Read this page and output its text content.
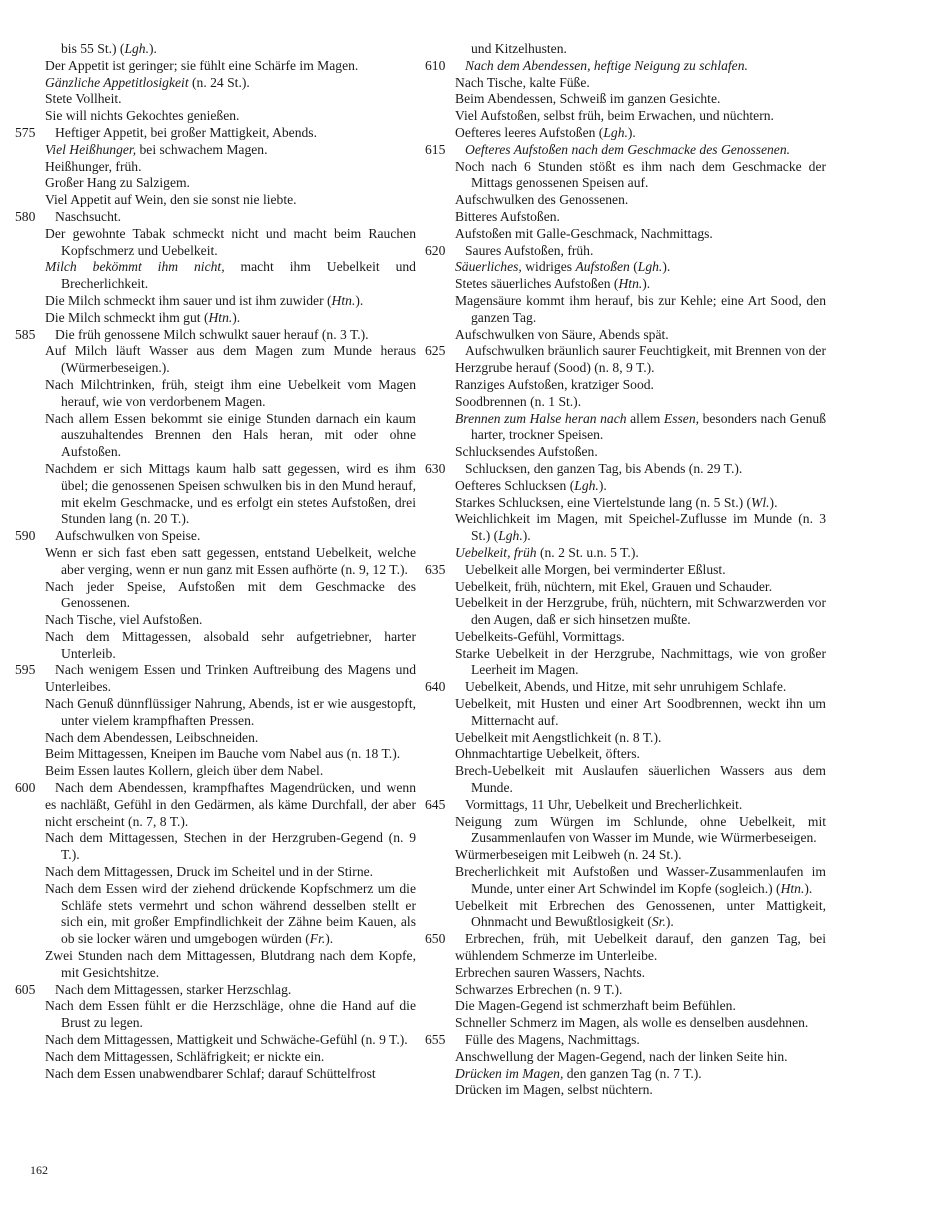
bis 55 St.) (Lgh.).

Der Appetit ist geringer; sie fühlt eine Schärfe im Magen.

Gänzliche Appetitlosigkeit (n. 24 St.).

Stete Vollheit.

Sie will nichts Gekochtes genießen.

575 Heftiger Appetit, bei großer Mattigkeit, Abends.

Viel Heißhunger, bei schwachem Magen.

Heißhunger, früh.

Großer Hang zu Salzigem.

Viel Appetit auf Wein, den sie sonst nie liebte.

580 Naschsucht.

Der gewohnte Tabak schmeckt nicht und macht beim Rauchen Kopfschmerz und Uebelkeit.

Milch bekömmt ihm nicht, macht ihm Uebelkeit und Brecherlichkeit.

Die Milch schmeckt ihm sauer und ist ihm zuwider (Htn.).

Die Milch schmeckt ihm gut (Htn.).

585 Die früh genossene Milch schwulkt sauer herauf (n. 3 T.).

Auf Milch läuft Wasser aus dem Magen zum Munde heraus (Würmerbeseigen.).

Nach Milchtrinken, früh, steigt ihm eine Uebelkeit vom Magen herauf, wie von verdorbenem Magen.

Nach allem Essen bekommt sie einige Stunden darnach ein kaum auszuhaltendes Brennen den Hals heran, mit oder ohne Aufstoßen.

Nachdem er sich Mittags kaum halb satt gegessen, wird es ihm übel; die genossenen Speisen schwulken bis in den Mund herauf, mit ekelm Geschmacke, und es erfolgt ein stetes Aufstoßen, drei Stunden lang (n. 20 T.).

590 Aufschwulken von Speise.

Wenn er sich fast eben satt gegessen, entstand Uebelkeit, welche aber verging, wenn er nun ganz mit Essen aufhörte (n. 9, 12 T.).

Nach jeder Speise, Aufstoßen mit dem Geschmacke des Genossenen.

Nach Tische, viel Aufstoßen.

Nach dem Mittagessen, alsobald sehr aufgetriebner, harter Unterleib.

595 Nach wenigem Essen und Trinken Auftreibung des Magens und Unterleibes.

Nach Genuß dünnflüssiger Nahrung, Abends, ist er wie ausgestopft, unter vielem krampfhaften Pressen.

Nach dem Abendessen, Leibschneiden.

Beim Mittagessen, Kneipen im Bauche vom Nabel aus (n. 18 T.).

Beim Essen lautes Kollern, gleich über dem Nabel.

600 Nach dem Abendessen, krampfhaftes Magendrücken, und wenn es nachläßt, Gefühl in den Gedärmen, als käme Durchfall, der aber nicht erscheint (n. 7, 8 T.).

Nach dem Mittagessen, Stechen in der Herzgruben-Gegend (n. 9 T.).

Nach dem Mittagessen, Druck im Scheitel und in der Stirne.

Nach dem Essen wird der ziehend drückende Kopfschmerz um die Schläfe stets vermehrt und schon während desselben stellt er sich ein, mit großer Empfindlichkeit der Zähne beim Kauen, als ob sie locker wären und umgebogen würden (Fr.).

Zwei Stunden nach dem Mittagessen, Blutdrang nach dem Kopfe, mit Gesichtshitze.

605 Nach dem Mittagessen, starker Herzschlag.

Nach dem Essen fühlt er die Herzschläge, ohne die Hand auf die Brust zu legen.

Nach dem Mittagessen, Mattigkeit und Schwäche-Gefühl (n. 9 T.).

Nach dem Mittagessen, Schläfrigkeit; er nickte ein.

Nach dem Essen unabwendbarer Schlaf; darauf Schüttelfrost

und Kitzelhusten.

610 Nach dem Abendessen, heftige Neigung zu schlafen.

Nach Tische, kalte Füße.

Beim Abendessen, Schweiß im ganzen Gesichte.

Viel Aufstoßen, selbst früh, beim Erwachen, und nüchtern.

Oefteres leeres Aufstoßen (Lgh.).

615 Oefteres Aufstoßen nach dem Geschmacke des Genossenen.

Noch nach 6 Stunden stößt es ihm nach dem Geschmacke der Mittags genossenen Speisen auf.

Aufschwulken des Genossenen.

Bitteres Aufstoßen.

Aufstoßen mit Galle-Geschmack, Nachmittags.

620 Saures Aufstoßen, früh.

Säuerliches, widriges Aufstoßen (Lgh.).

Stetes säuerliches Aufstoßen (Htn.).

Magensäure kommt ihm herauf, bis zur Kehle; eine Art Sood, den ganzen Tag.

Aufschwulken von Säure, Abends spät.

625 Aufschwulken bräunlich saurer Feuchtigkeit, mit Brennen von der Herzgrube herauf (Sood) (n. 8, 9 T.).

Ranziges Aufstoßen, kratziger Sood.

Soodbrennen (n. 1 St.).

Brennen zum Halse heran nach allem Essen, besonders nach Genuß harter, trockner Speisen.

Schlucksendes Aufstoßen.

630 Schlucksen, den ganzen Tag, bis Abends (n. 29 T.).

Oefteres Schlucksen (Lgh.).

Starkes Schlucksen, eine Viertelstunde lang (n. 5 St.) (Wl.).

Weichlichkeit im Magen, mit Speichel-Zuflusse im Munde (n. 3 St.) (Lgh.).

Uebelkeit, früh (n. 2 St. u.n. 5 T.).

635 Uebelkeit alle Morgen, bei verminderter Eßlust.

Uebelkeit, früh, nüchtern, mit Ekel, Grauen und Schauder.

Uebelkeit in der Herzgrube, früh, nüchtern, mit Schwarzwerden vor den Augen, daß er sich hinsetzen mußte.

Uebelkeits-Gefühl, Vormittags.

Starke Uebelkeit in der Herzgrube, Nachmittags, wie von großer Leerheit im Magen.

640 Uebelkeit, Abends, und Hitze, mit sehr unruhigem Schlafe.

Uebelkeit, mit Husten und einer Art Soodbrennen, weckt ihn um Mitternacht auf.

Uebelkeit mit Aengstlichkeit (n. 8 T.).

Ohnmachtartige Uebelkeit, öfters.

Brech-Uebelkeit mit Auslaufen säuerlichen Wassers aus dem Munde.

645 Vormittags, 11 Uhr, Uebelkeit und Brecherlichkeit.

Neigung zum Würgen im Schlunde, ohne Uebelkeit, mit Zusammenlaufen von Wasser im Munde, wie Würmerbeseigen.

Würmerbeseigen mit Leibweh (n. 24 St.).

Brecherlichkeit mit Aufstoßen und Wasser-Zusammenlaufen im Munde, unter einer Art Schwindel im Kopfe (sogleich.) (Htn.).

Uebelkeit mit Erbrechen des Genossenen, unter Mattigkeit, Ohnmacht und Bewußtlosigkeit (Sr.).

650 Erbrechen, früh, mit Uebelkeit darauf, den ganzen Tag, bei wühlendem Schmerze im Unterleibe.

Erbrechen sauren Wassers, Nachts.

Schwarzes Erbrechen (n. 9 T.).

Die Magen-Gegend ist schmerzhaft beim Befühlen.

Schneller Schmerz im Magen, als wolle es denselben ausdehnen.

655 Fülle des Magens, Nachmittags.

Anschwellung der Magen-Gegend, nach der linken Seite hin.

Drücken im Magen, den ganzen Tag (n. 7 T.).

Drücken im Magen, selbst nüchtern.

162
